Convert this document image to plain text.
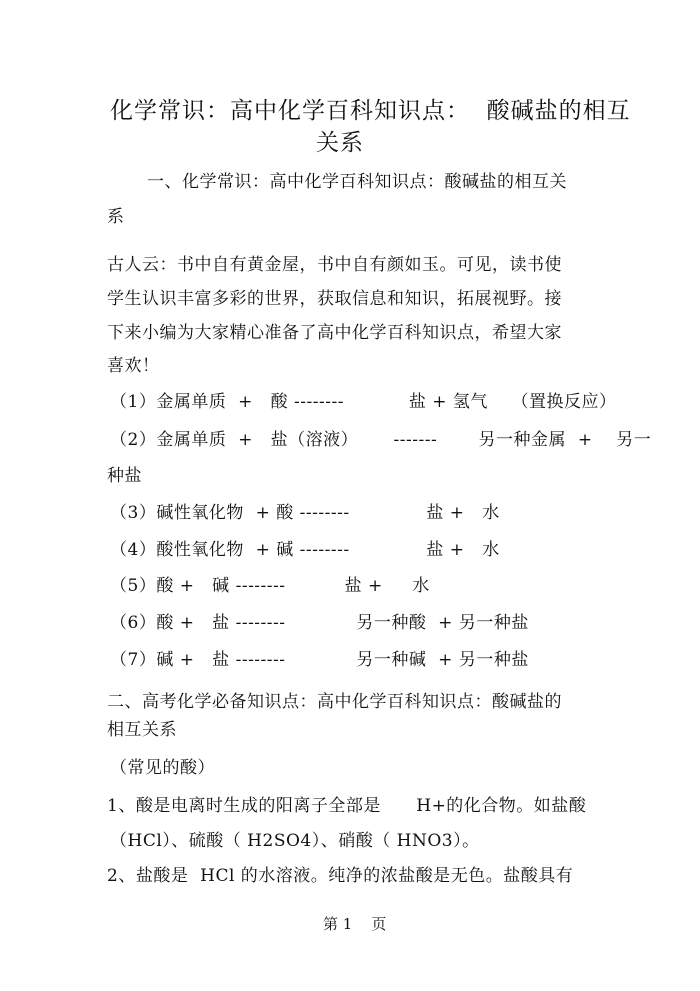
化学常识：高中化学百科知识点：  酸碱盐的相互
关系
一、化学常识：高中化学百科知识点：酸碱盐的相互关
系
古人云：书中自有黄金屋，书中自有颜如玉。可见，读书使
学生认识丰富多彩的世界，获取信息和知识，拓展视野。接
下来小编为大家精心准备了高中化学百科知识点，希望大家
喜欢！
（1）金属单质  +   酸 --------           盐 + 氢气    （置换反应）
（2）金属单质  +   盐（溶液）      -------       另一种金属  +    另一
种盐
（3）碱性氧化物  + 酸 --------             盐 +   水
（4）酸性氧化物  + 碱 --------             盐 +   水
（5）酸 +   碱 --------          盐 +     水
（6）酸 +   盐 --------            另一种酸  + 另一种盐
（7）碱 +   盐 --------            另一种碱  + 另一种盐
二、高考化学必备知识点：高中化学百科知识点：酸碱盐的
相互关系
（常见的酸）
1、酸是电离时生成的阳离子全部是      H+的化合物。如盐酸
（HCl）、硫酸（ H2SO4）、硝酸（ HNO3）。
2、盐酸是  HCl 的水溶液。纯净的浓盐酸是无色。盐酸具有
第 1    页
